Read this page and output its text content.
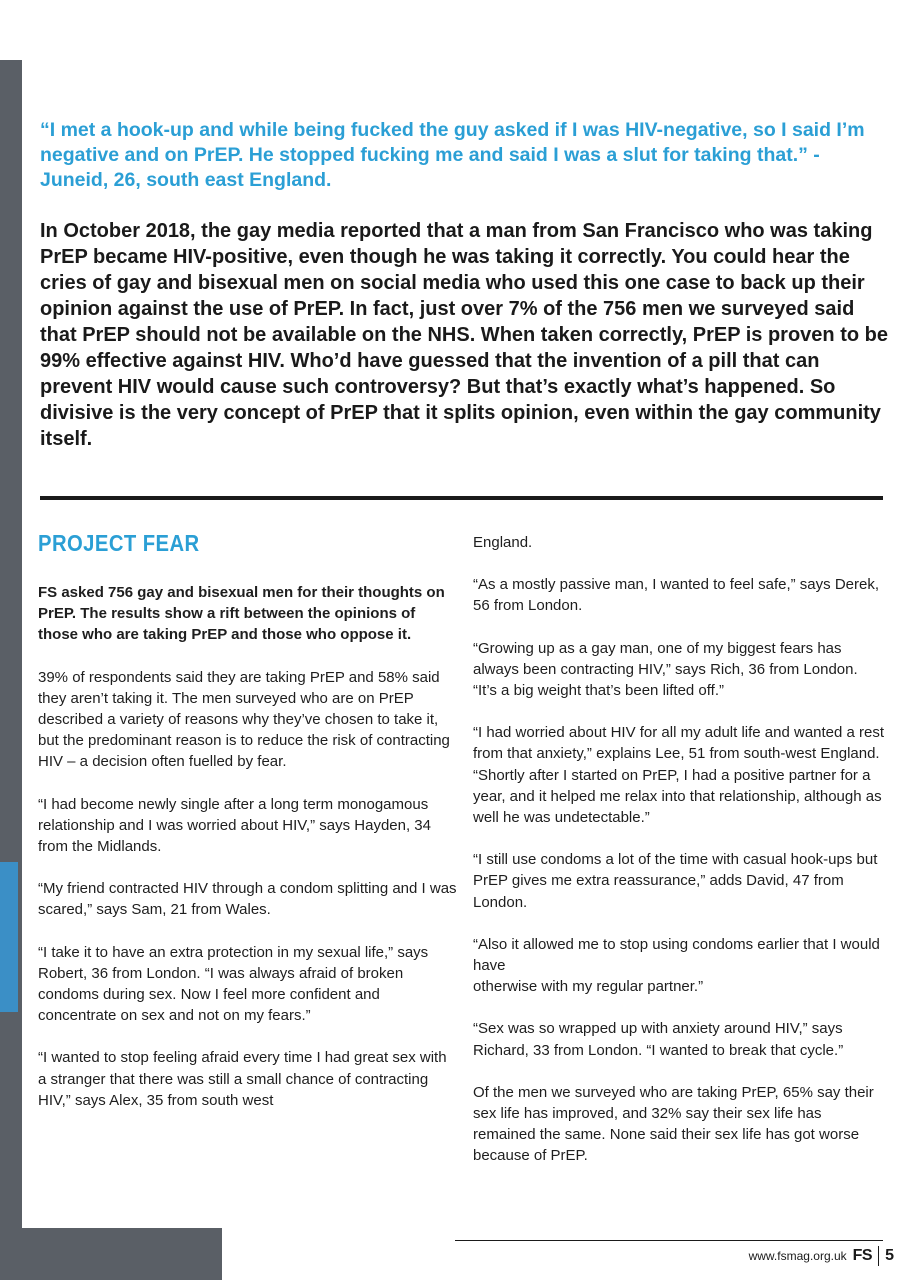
“I met a hook-up and while being fucked the guy asked if I was HIV-negative, so I said I’m negative and on PrEP. He stopped fucking me and said I was a slut for taking that.” - Juneid, 26, south east England.
In October 2018, the gay media reported that a man from San Francisco who was taking PrEP became HIV-positive, even though he was taking it correctly. You could hear the cries of gay and bisexual men on social media who used this one case to back up their opinion against the use of PrEP. In fact, just over 7% of the 756 men we surveyed said that PrEP should not be available on the NHS. When taken correctly, PrEP is proven to be 99% effective against HIV. Who’d have guessed that the invention of a pill that can prevent HIV would cause such controversy? But that’s exactly what’s happened. So divisive is the very concept of PrEP that it splits opinion, even within the gay community itself.
PROJECT FEAR

FS asked 756 gay and bisexual men for their thoughts on PrEP. The results show a rift between the opinions of those who are taking PrEP and those who oppose it.

39% of respondents said they are taking PrEP and 58% said they aren’t taking it. The men surveyed who are on PrEP described a variety of reasons why they’ve chosen to take it, but the predominant reason is to reduce the risk of contracting HIV – a decision often fuelled by fear.

“I had become newly single after a long term monogamous relationship and I was worried about HIV,” says Hayden, 34 from the Midlands.

“My friend contracted HIV through a condom splitting and I was scared,” says Sam, 21 from Wales.

“I take it to have an extra protection in my sexual life,” says Robert, 36 from London. “I was always afraid of broken condoms during sex. Now I feel more confident and concentrate on sex and not on my fears.”

“I wanted to stop feeling afraid every time I had great sex with a stranger that there was still a small chance of contracting HIV,” says Alex, 35 from south west

England.

“As a mostly passive man, I wanted to feel safe,” says Derek, 56 from London.

“Growing up as a gay man, one of my biggest fears has always been contracting HIV,” says Rich, 36 from London. “It’s a big weight that’s been lifted off.”

“I had worried about HIV for all my adult life and wanted a rest from that anxiety,” explains Lee, 51 from south-west England. “Shortly after I started on PrEP, I had a positive partner for a year, and it helped me relax into that relationship, although as well he was undetectable.”

“I still use condoms a lot of the time with casual hook-ups but PrEP gives me extra reassurance,” adds David, 47 from London.

“Also it allowed me to stop using condoms earlier that I would have
otherwise with my regular partner.”

“Sex was so wrapped up with anxiety around HIV,” says Richard, 33 from London. “I wanted to break that cycle.”

Of the men we surveyed who are taking PrEP, 65% say their sex life has improved, and 32% say their sex life has remained the same. None said their sex life has got worse because of PrEP.

www.fsmag.org.uk FS 5
